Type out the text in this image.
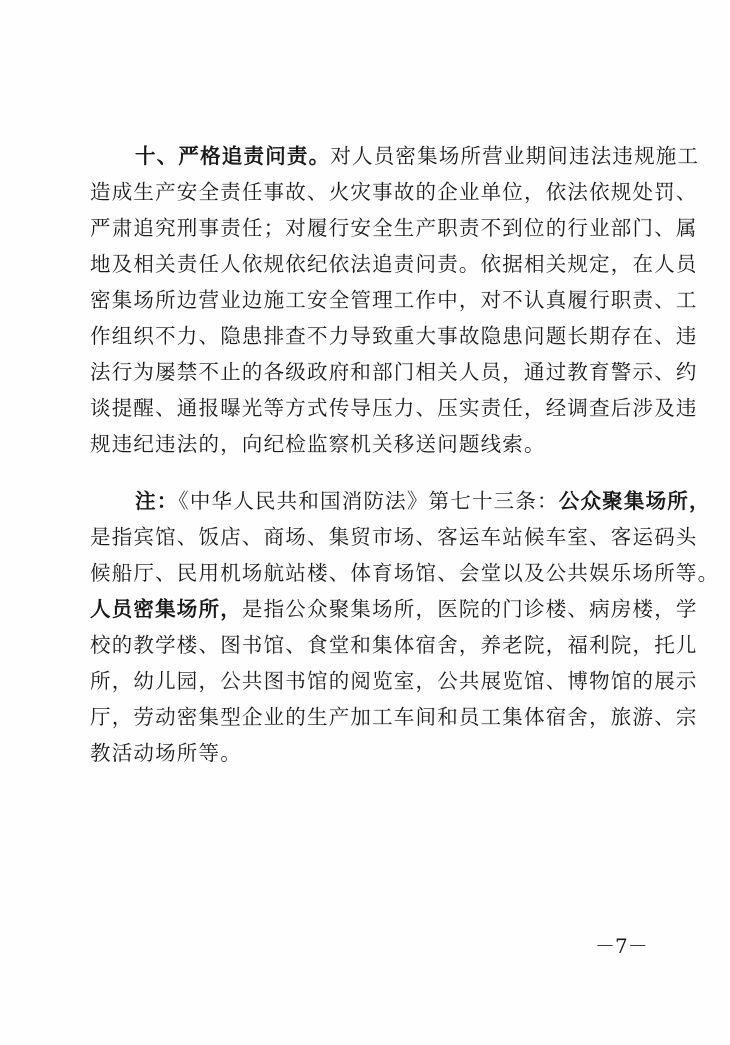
十、严格追责问责。对人员密集场所营业期间违法违规施工
造成生产安全责任事故、火灾事故的企业单位，依法依规处罚、
严肃追究刑事责任；对履行安全生产职责不到位的行业部门、属
地及相关责任人依规依纪依法追责问责。依据相关规定，在人员
密集场所边营业边施工安全管理工作中，对不认真履行职责、工
作组织不力、隐患排查不力导致重大事故隐患问题长期存在、违
法行为屡禁不止的各级政府和部门相关人员，通过教育警示、约
谈提醒、通报曝光等方式传导压力、压实责任，经调查后涉及违
规违纪违法的，向纪检监察机关移送问题线索。
注：《中华人民共和国消防法》第七十三条：公众聚集场所，
是指宾馆、饭店、商场、集贸市场、客运车站候车室、客运码头
候船厅、民用机场航站楼、体育场馆、会堂以及公共娱乐场所等。
人员密集场所，是指公众聚集场所，医院的门诊楼、病房楼，学
校的教学楼、图书馆、食堂和集体宿舍，养老院，福利院，托儿
所，幼儿园，公共图书馆的阅览室，公共展览馆、博物馆的展示
厅，劳动密集型企业的生产加工车间和员工集体宿舍，旅游、宗
教活动场所等。
－7－
